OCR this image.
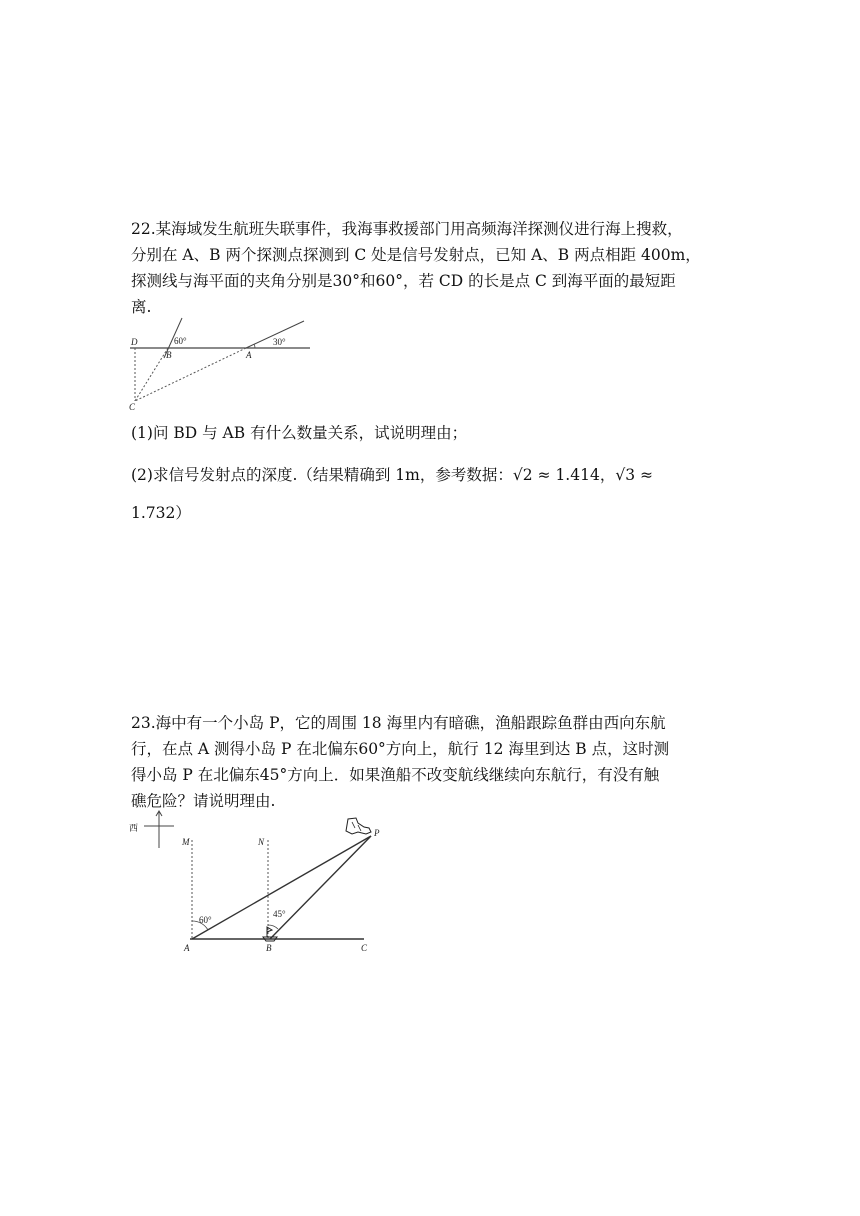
22.某海域发生航班失联事件，我海事救援部门用高频海洋探测仪进行海上搜救，
分别在 A、B 两个探测点探测到 C 处是信号发射点，已知 A、B 两点相距 400m，
探测线与海平面的夹角分别是30°和60°，若 CD 的长是点 C 到海平面的最短距
离.
D
B	A
C
60°	30°
(1)问 BD 与 AB 有什么数量关系，试说明理由；
(2)求信号发射点的深度.（结果精确到 1m，参考数据：√2 ≈ 1.414，√3 ≈
1.732）
23.海中有一个小岛 P，它的周围 18 海里内有暗礁，渔船跟踪鱼群由西向东航
行，在点 A 测得小岛 P 在北偏东60°方向上，航行 12 海里到达 B 点，这时测
得小岛 P 在北偏东45°方向上．如果渔船不改变航线继续向东航行，有没有触
礁危险？请说明理由.
西
M	N
P
A	B	C
60°
45°
